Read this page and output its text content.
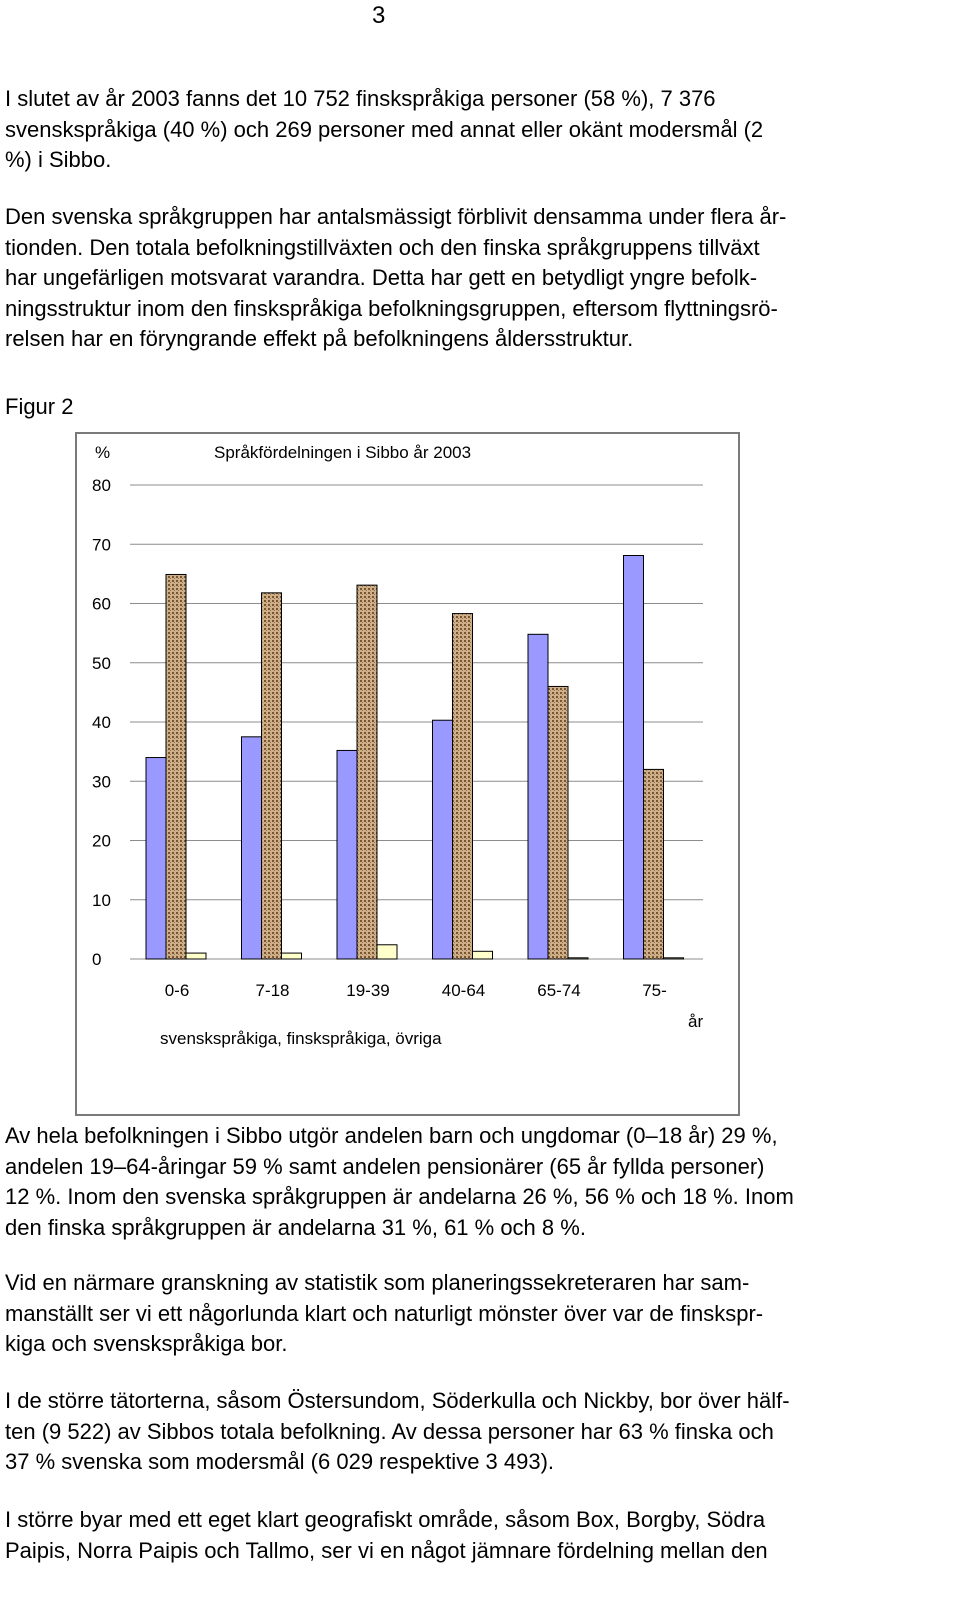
3

I slutet av år 2003 fanns det 10 752 finskspråkiga personer (58 %), 7 376
svenskspråkiga (40 %) och 269 personer med annat eller okänt modersmål (2
%) i Sibbo.

Den svenska språkgruppen har antalsmässigt förblivit densamma under flera år-
tionden. Den totala befolkningstillväxten och den finska språkgruppens tillväxt
har ungefärligen motsvarat varandra. Detta har gett en betydligt yngre befolk-
ningsstruktur inom den finskspråkiga befolkningsgruppen, eftersom flyttningsrö-
relsen har en föryngrande effekt på befolkningens åldersstruktur.

Figur 2
%	Språkfördelningen i Sibbo år 2003
0
10
20
30
40
50
60
70
80
0-6	7-18	19-39	40-64	65-74	75-
år
svenskspråkiga, finskspråkiga, övriga

Av hela befolkningen i Sibbo utgör andelen barn och ungdomar (0–18 år) 29 %,
andelen 19–64-åringar 59 % samt andelen pensionärer (65 år fyllda personer)
12 %. Inom den svenska språkgruppen är andelarna 26 %, 56 % och 18 %. Inom
den finska språkgruppen är andelarna 31 %, 61 % och 8 %.

Vid en närmare granskning av statistik som planeringssekreteraren har sam-
manställt ser vi ett någorlunda klart och naturligt mönster över var de finskspr-
kiga och svenskspråkiga bor.

I de större tätorterna, såsom Östersundom, Söderkulla och Nickby, bor över hälf-
ten (9 522) av Sibbos totala befolkning. Av dessa personer har 63 % finska och
37 % svenska som modersmål (6 029 respektive 3 493).

I större byar med ett eget klart geografiskt område, såsom Box, Borgby, Södra
Paipis, Norra Paipis och Tallmo, ser vi en något jämnare fördelning mellan den
